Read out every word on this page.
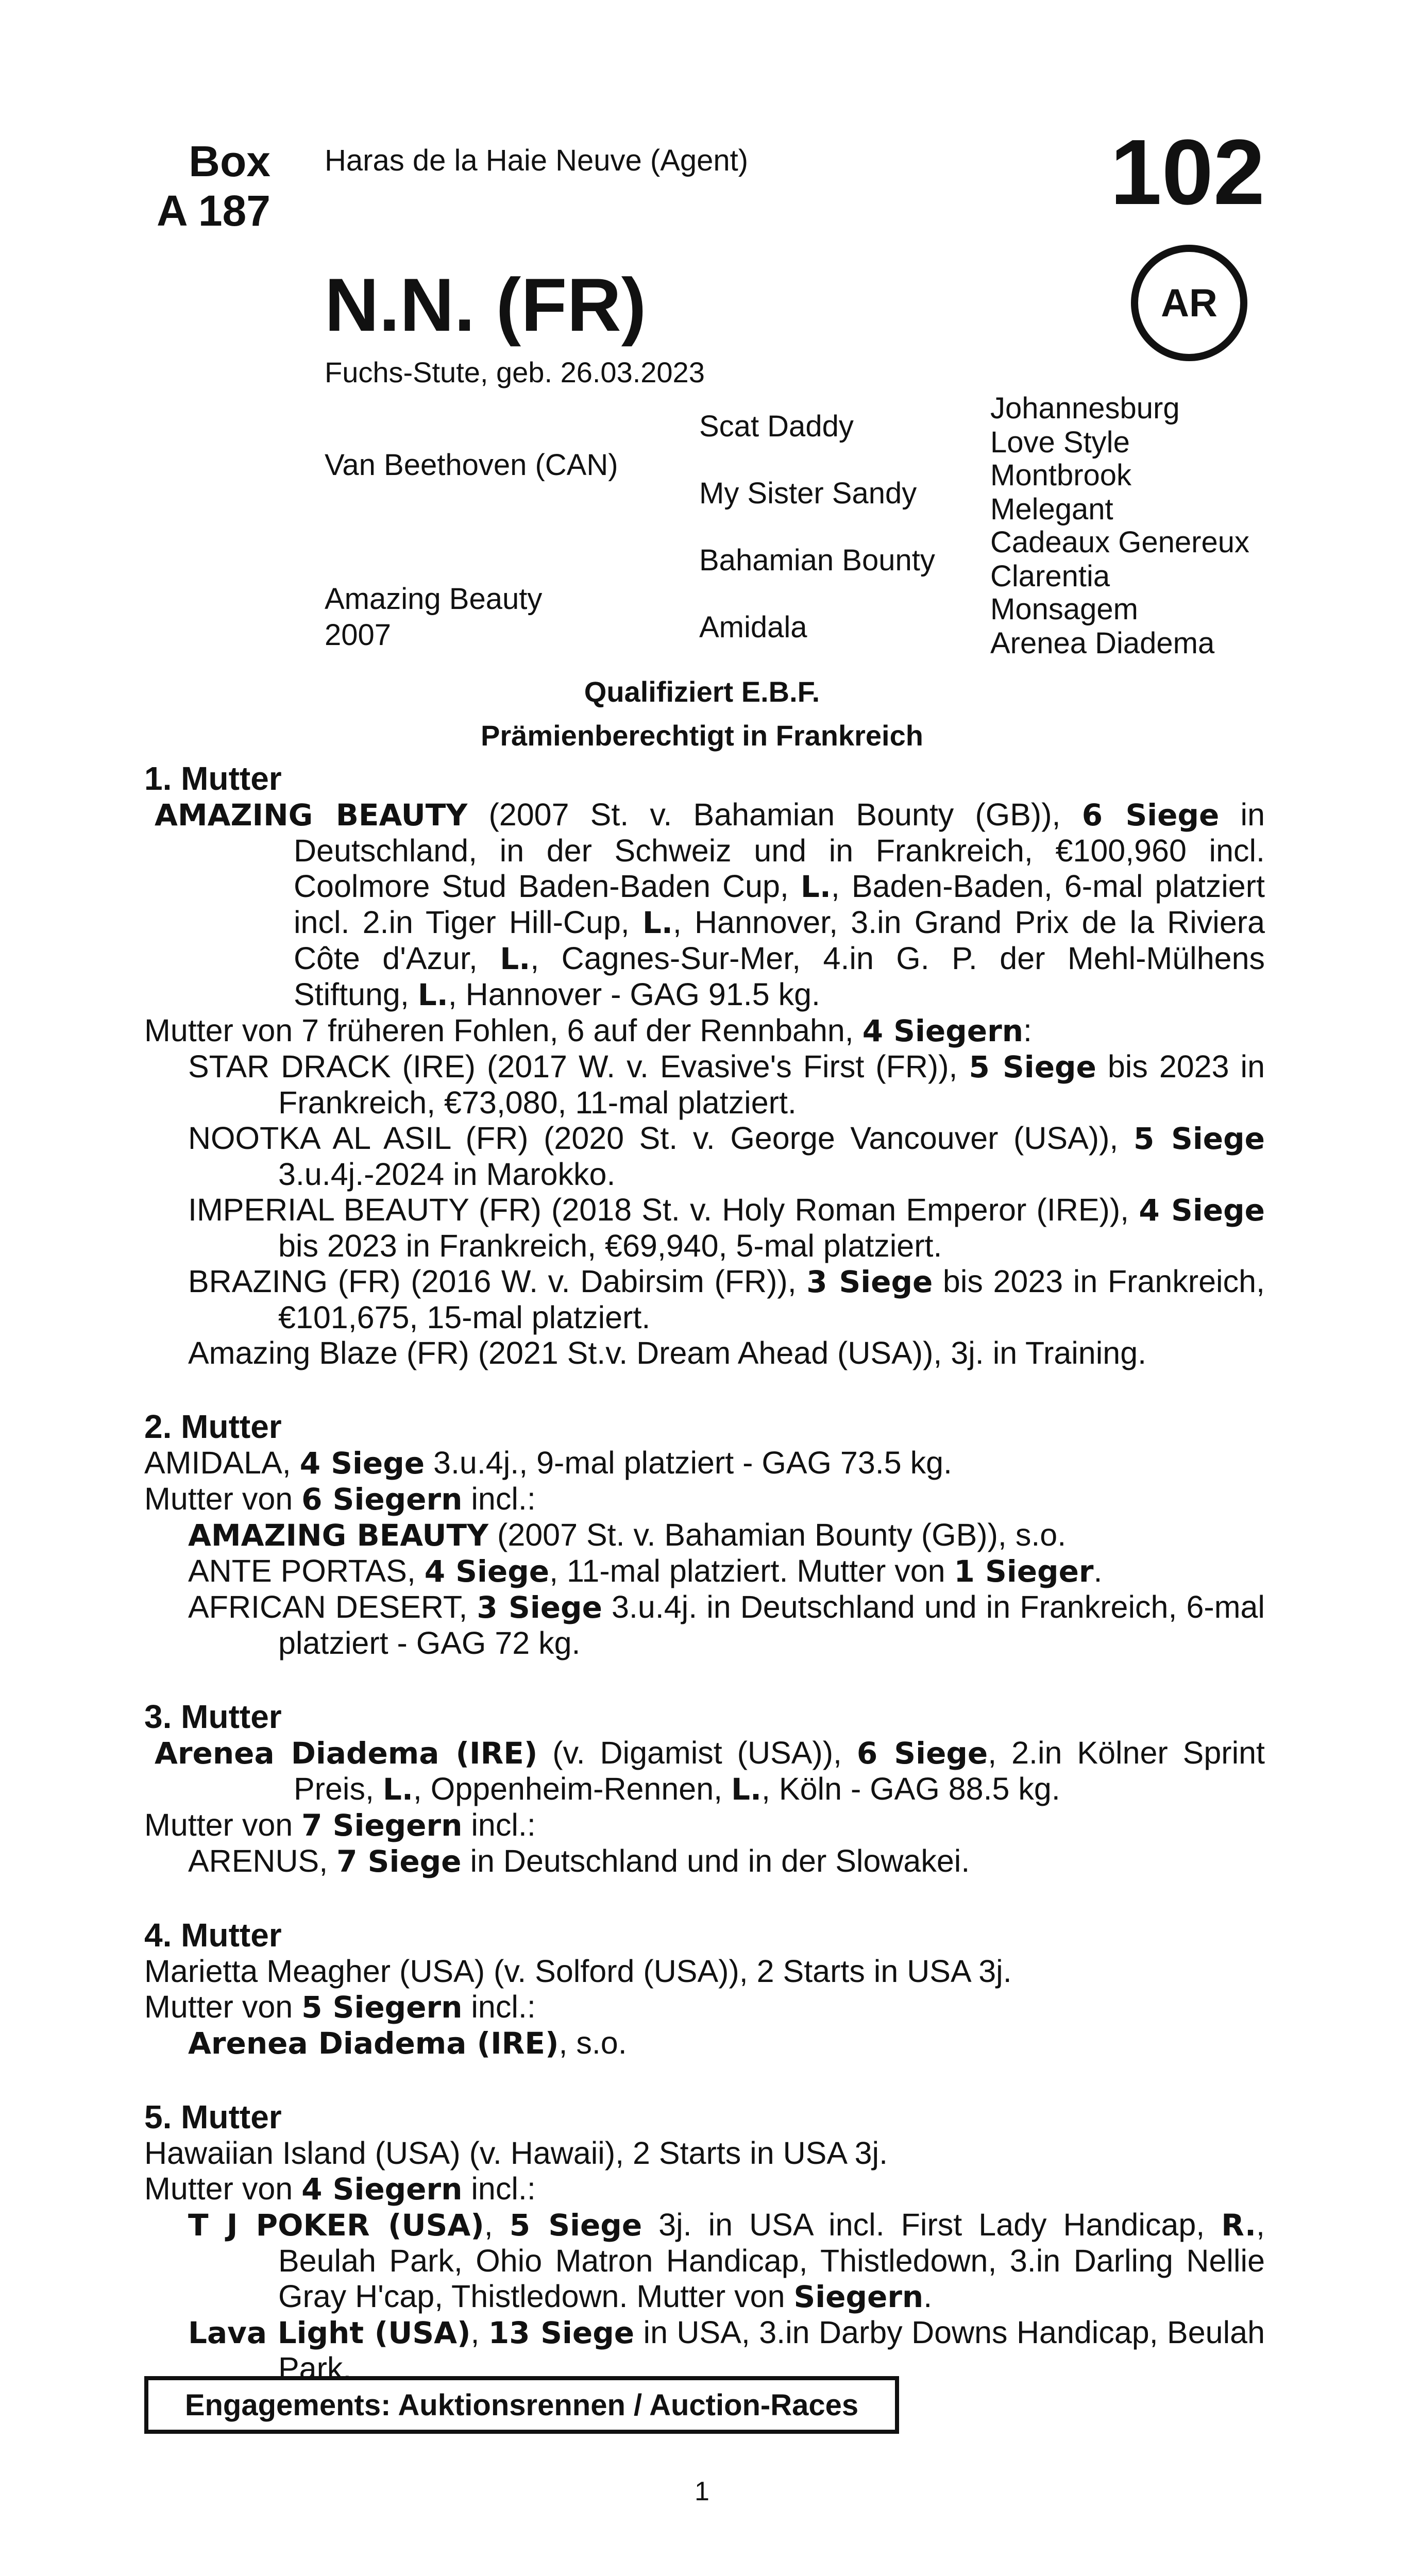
Box
A 187
Haras de la Haie Neuve (Agent)	102
N.N. (FR)	AR
Fuchs-Stute, geb. 26.03.2023
Van Beethoven (CAN)
Amazing Beauty
2007
Scat Daddy
My Sister Sandy
Bahamian Bounty
Amidala
Johannesburg
Love Style
Montbrook
Melegant
Cadeaux Genereux
Clarentia
Monsagem
Arenea Diadema
Qualifiziert E.B.F.
Prämienberechtigt in Frankreich

1. Mutter

AMAZING BEAUTY (2007 St. v. Bahamian Bounty (GB)), 6 Siege in Deutschland, in der Schweiz und in Frankreich, €100,960 incl. Coolmore Stud Baden-Baden Cup, L., Baden-Baden, 6-mal platziert incl. 2.in Tiger Hill-Cup, L., Hannover, 3.in Grand Prix de la Riviera Côte d'Azur, L., Cagnes-Sur-Mer, 4.in G. P. der Mehl-Mülhens Stiftung, L., Hannover - GAG 91.5 kg.

Mutter von 7 früheren Fohlen, 6 auf der Rennbahn, 4 Siegern:

STAR DRACK (IRE) (2017 W. v. Evasive's First (FR)), 5 Siege bis 2023 in Frankreich, €73,080, 11-mal platziert.

NOOTKA AL ASIL (FR) (2020 St. v. George Vancouver (USA)), 5 Siege 3.u.4j.-2024 in Marokko.

IMPERIAL BEAUTY (FR) (2018 St. v. Holy Roman Emperor (IRE)), 4 Siege bis 2023 in Frankreich, €69,940, 5-mal platziert.

BRAZING (FR) (2016 W. v. Dabirsim (FR)), 3 Siege bis 2023 in Frankreich, €101,675, 15-mal platziert.

Amazing Blaze (FR) (2021 St.v. Dream Ahead (USA)), 3j. in Training.

2. Mutter

AMIDALA, 4 Siege 3.u.4j., 9-mal platziert - GAG 73.5 kg.

Mutter von 6 Siegern incl.:

AMAZING BEAUTY (2007 St. v. Bahamian Bounty (GB)), s.o.

ANTE PORTAS, 4 Siege, 11-mal platziert. Mutter von 1 Sieger.

AFRICAN DESERT, 3 Siege 3.u.4j. in Deutschland und in Frankreich, 6-mal platziert - GAG 72 kg.

3. Mutter

Arenea Diadema (IRE) (v. Digamist (USA)), 6 Siege, 2.in Kölner Sprint Preis, L., Oppenheim-Rennen, L., Köln - GAG 88.5 kg.

Mutter von 7 Siegern incl.:

ARENUS, 7 Siege in Deutschland und in der Slowakei.

4. Mutter

Marietta Meagher (USA) (v. Solford (USA)), 2 Starts in USA 3j.

Mutter von 5 Siegern incl.:

Arenea Diadema (IRE), s.o.

5. Mutter

Hawaiian Island (USA) (v. Hawaii), 2 Starts in USA 3j.

Mutter von 4 Siegern incl.:

T J POKER (USA), 5 Siege 3j. in USA incl. First Lady Handicap, R., Beulah Park, Ohio Matron Handicap, Thistledown, 3.in Darling Nellie Gray H'cap, Thistledown. Mutter von Siegern.

Lava Light (USA), 13 Siege in USA, 3.in Darby Downs Handicap, Beulah Park.

Engagements: Auktionsrennen / Auction-Races
1
